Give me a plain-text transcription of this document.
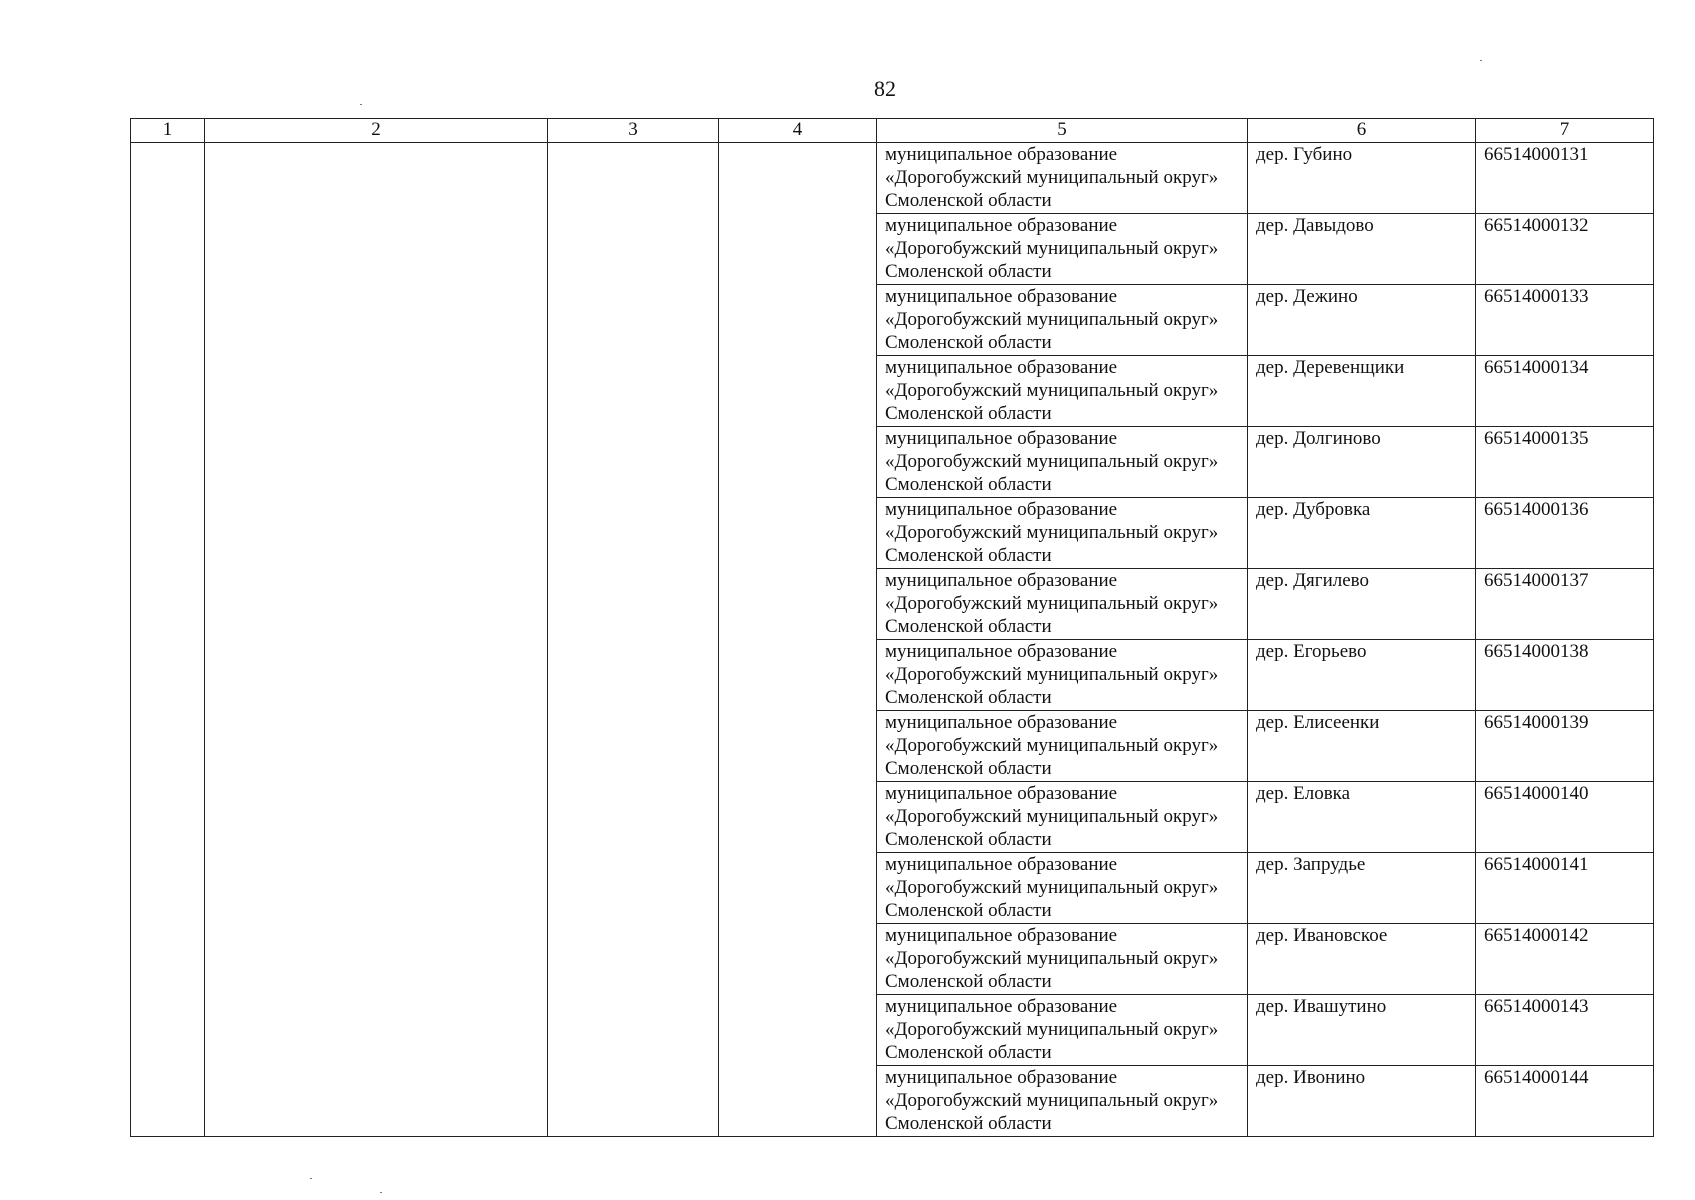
82
1	2	3	4	5	6	7
				муниципальное образование «Дорогобужский муниципальный округ» Смоленской области	дер. Губино	66514000131
				муниципальное образование «Дорогобужский муниципальный округ» Смоленской области	дер. Давыдово	66514000132
				муниципальное образование «Дорогобужский муниципальный округ» Смоленской области	дер. Дежино	66514000133
				муниципальное образование «Дорогобужский муниципальный округ» Смоленской области	дер. Деревенщики	66514000134
				муниципальное образование «Дорогобужский муниципальный округ» Смоленской области	дер. Долгиново	66514000135
				муниципальное образование «Дорогобужский муниципальный округ» Смоленской области	дер. Дубровка	66514000136
				муниципальное образование «Дорогобужский муниципальный округ» Смоленской области	дер. Дягилево	66514000137
				муниципальное образование «Дорогобужский муниципальный округ» Смоленской области	дер. Егорьево	66514000138
				муниципальное образование «Дорогобужский муниципальный округ» Смоленской области	дер. Елисеенки	66514000139
				муниципальное образование «Дорогобужский муниципальный округ» Смоленской области	дер. Еловка	66514000140
				муниципальное образование «Дорогобужский муниципальный округ» Смоленской области	дер. Запрудье	66514000141
				муниципальное образование «Дорогобужский муниципальный округ» Смоленской области	дер. Ивановское	66514000142
				муниципальное образование «Дорогобужский муниципальный округ» Смоленской области	дер. Ивашутино	66514000143
				муниципальное образование «Дорогобужский муниципальный округ» Смоленской области	дер. Ивонино	66514000144
